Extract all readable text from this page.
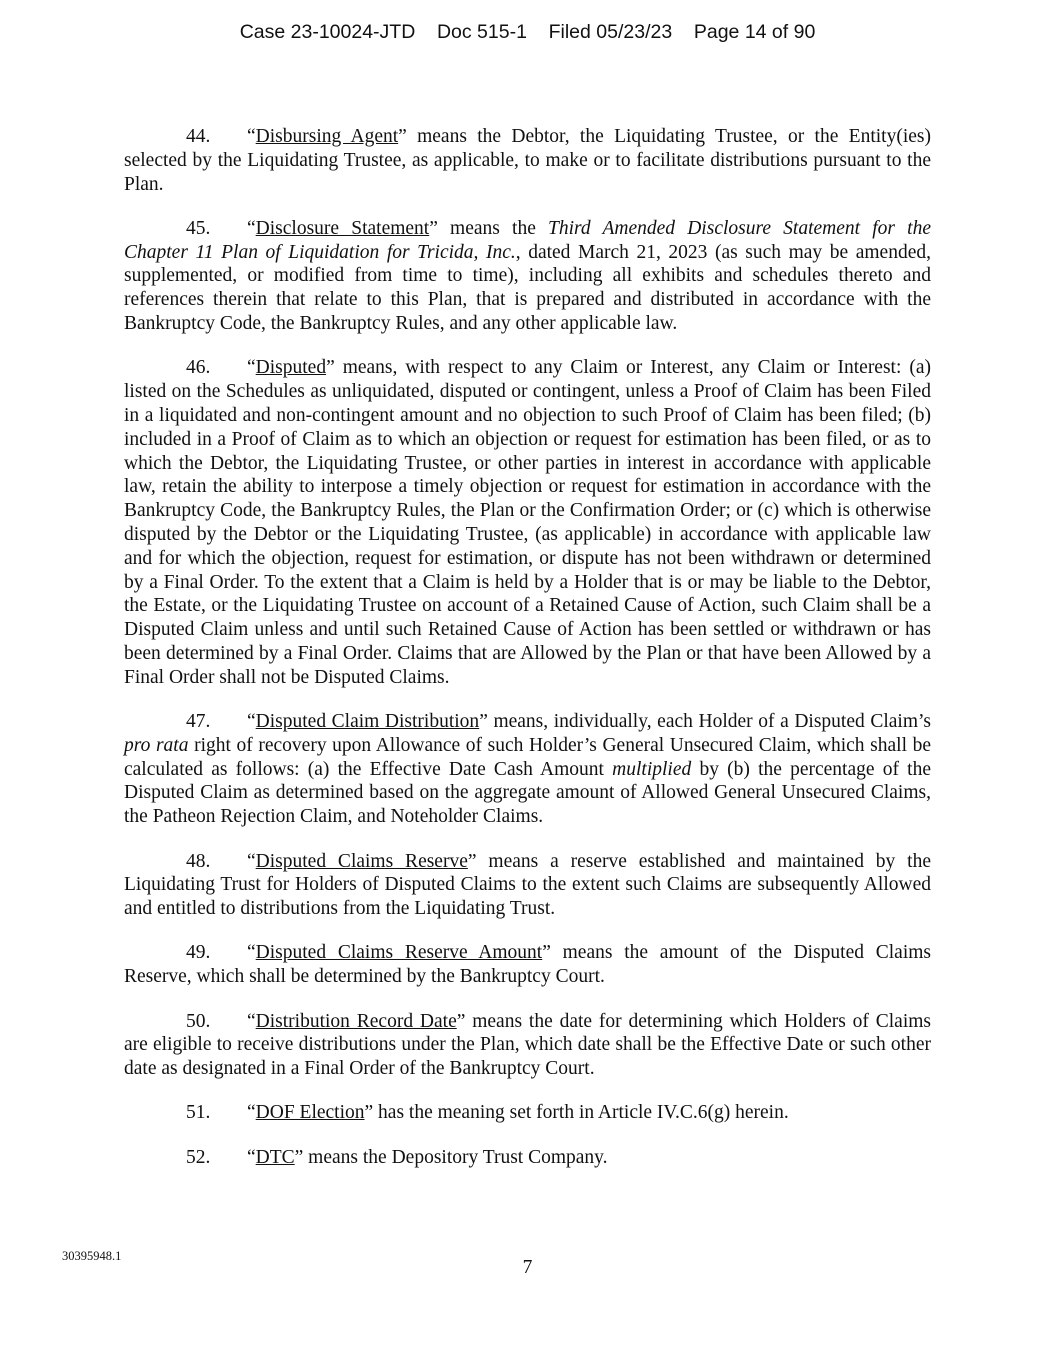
Case 23-10024-JTD    Doc 515-1    Filed 05/23/23    Page 14 of 90

44. “Disbursing Agent” means the Debtor, the Liquidating Trustee, or the Entity(ies) selected by the Liquidating Trustee, as applicable, to make or to facilitate distributions pursuant to the Plan.

45. “Disclosure Statement” means the Third Amended Disclosure Statement for the Chapter 11 Plan of Liquidation for Tricida, Inc., dated March 21, 2023 (as such may be amended, supplemented, or modified from time to time), including all exhibits and schedules thereto and references therein that relate to this Plan, that is prepared and distributed in accordance with the Bankruptcy Code, the Bankruptcy Rules, and any other applicable law.

46. “Disputed” means, with respect to any Claim or Interest, any Claim or Interest: (a) listed on the Schedules as unliquidated, disputed or contingent, unless a Proof of Claim has been Filed in a liquidated and non-contingent amount and no objection to such Proof of Claim has been filed; (b) included in a Proof of Claim as to which an objection or request for estimation has been filed, or as to which the Debtor, the Liquidating Trustee, or other parties in interest in accordance with applicable law, retain the ability to interpose a timely objection or request for estimation in accordance with the Bankruptcy Code, the Bankruptcy Rules, the Plan or the Confirmation Order; or (c) which is otherwise disputed by the Debtor or the Liquidating Trustee, (as applicable) in accordance with applicable law and for which the objection, request for estimation, or dispute has not been withdrawn or determined by a Final Order. To the extent that a Claim is held by a Holder that is or may be liable to the Debtor, the Estate, or the Liquidating Trustee on account of a Retained Cause of Action, such Claim shall be a Disputed Claim unless and until such Retained Cause of Action has been settled or withdrawn or has been determined by a Final Order. Claims that are Allowed by the Plan or that have been Allowed by a Final Order shall not be Disputed Claims.

47. “Disputed Claim Distribution” means, individually, each Holder of a Disputed Claim’s pro rata right of recovery upon Allowance of such Holder’s General Unsecured Claim, which shall be calculated as follows: (a) the Effective Date Cash Amount multiplied by (b) the percentage of the Disputed Claim as determined based on the aggregate amount of Allowed General Unsecured Claims, the Patheon Rejection Claim, and Noteholder Claims.

48. “Disputed Claims Reserve” means a reserve established and maintained by the Liquidating Trust for Holders of Disputed Claims to the extent such Claims are subsequently Allowed and entitled to distributions from the Liquidating Trust.

49. “Disputed Claims Reserve Amount” means the amount of the Disputed Claims Reserve, which shall be determined by the Bankruptcy Court.

50. “Distribution Record Date” means the date for determining which Holders of Claims are eligible to receive distributions under the Plan, which date shall be the Effective Date or such other date as designated in a Final Order of the Bankruptcy Court.

51. “DOF Election” has the meaning set forth in Article IV.C.6(g) herein.

52. “DTC” means the Depository Trust Company.

30395948.1
7
